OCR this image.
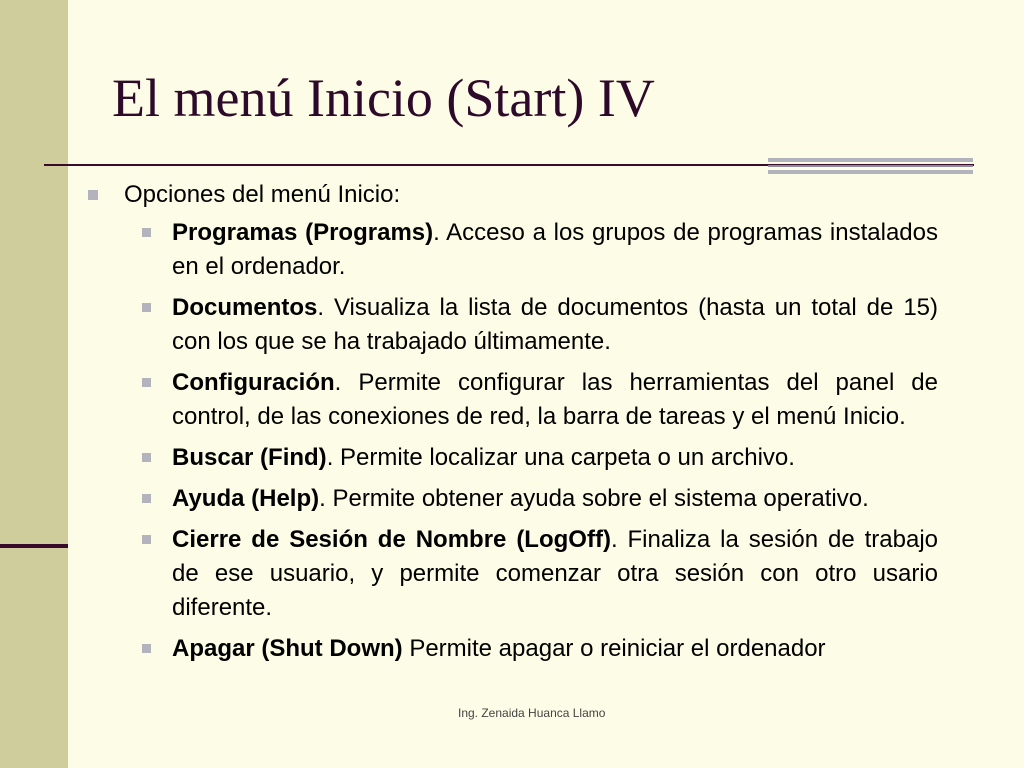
El menú Inicio (Start) IV
Opciones del menú Inicio:
Programas (Programs). Acceso a los grupos de programas instalados en el ordenador.
Documentos. Visualiza la lista de documentos (hasta un total de 15) con los que se ha trabajado últimamente.
Configuración. Permite configurar las herramientas del panel de control, de las conexiones de red, la barra de tareas y el menú Inicio.
Buscar (Find). Permite localizar una carpeta o un archivo.
Ayuda (Help). Permite obtener ayuda sobre el sistema operativo.
Cierre de Sesión de Nombre (LogOff). Finaliza la sesión de trabajo de ese usuario, y permite comenzar otra sesión con otro usario diferente.
Apagar (Shut Down) Permite apagar o reiniciar el ordenador
Ing. Zenaida Huanca Llamo
